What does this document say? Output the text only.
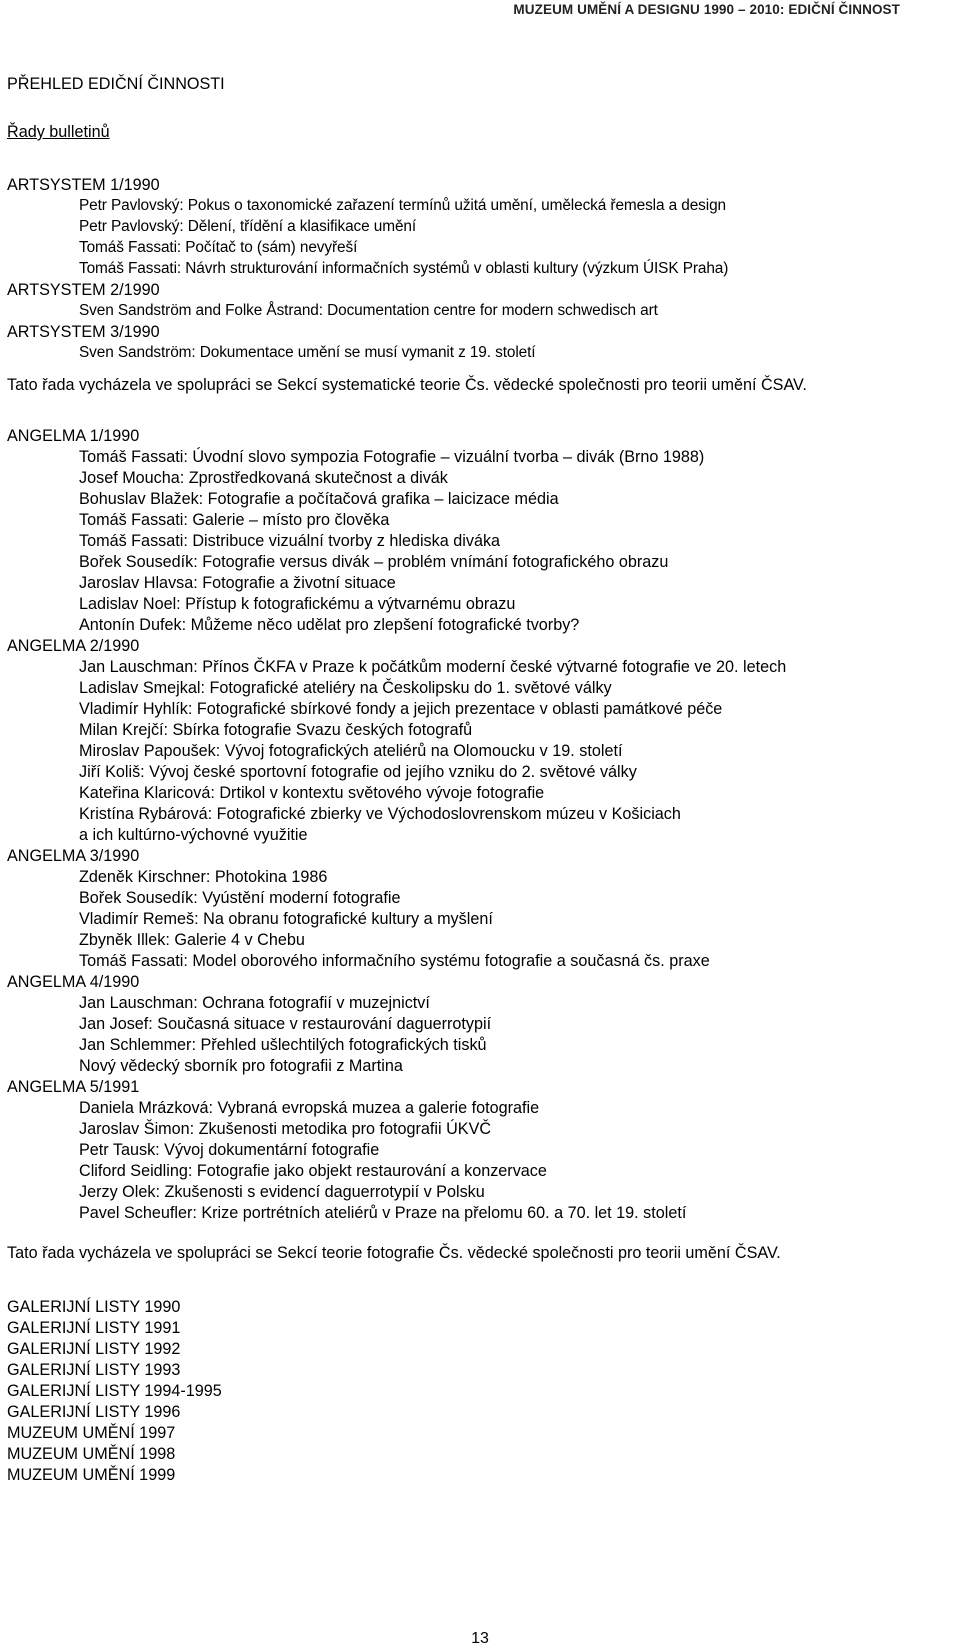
MUZEUM UMĚNÍ A DESIGNU 1990 – 2010: EDIČNÍ ČINNOST
PŘEHLED EDIČNÍ ČINNOSTI
Řady bulletinů
ARTSYSTEM 1/1990
Petr Pavlovský: Pokus o taxonomické zařazení termínů užitá umění, umělecká řemesla a design
Petr Pavlovský: Dělení, třídění a klasifikace umění
Tomáš Fassati: Počítač to (sám) nevyřeší
Tomáš Fassati: Návrh strukturování informačních systémů v oblasti kultury (výzkum ÚISK Praha)
ARTSYSTEM 2/1990
Sven Sandström and Folke Åstrand: Documentation centre for modern schwedisch art
ARTSYSTEM 3/1990
Sven Sandström: Dokumentace umění se musí vymanit z 19. století
Tato řada vycházela ve spolupráci se Sekcí systematické teorie Čs. vědecké společnosti pro teorii umění ČSAV.
ANGELMA 1/1990
Tomáš Fassati: Úvodní slovo sympozia Fotografie – vizuální tvorba – divák (Brno 1988)
Josef Moucha: Zprostředkovaná skutečnost a divák
Bohuslav Blažek: Fotografie a počítačová grafika – laicizace média
Tomáš Fassati: Galerie – místo pro člověka
Tomáš Fassati: Distribuce vizuální tvorby z hlediska diváka
Bořek Sousedík: Fotografie versus divák – problém vnímání fotografického obrazu
Jaroslav Hlavsa: Fotografie a životní situace
Ladislav Noel: Přístup k fotografickému a výtvarnému obrazu
Antonín Dufek: Můžeme něco udělat pro zlepšení fotografické tvorby?
ANGELMA 2/1990
Jan Lauschman: Přínos ČKFA v Praze k počátkům moderní české výtvarné fotografie ve 20. letech
Ladislav Smejkal: Fotografické ateliéry na Českolipsku do 1. světové války
Vladimír Hyhlík: Fotografické sbírkové fondy a jejich prezentace v oblasti památkové péče
Milan Krejčí: Sbírka fotografie Svazu českých fotografů
Miroslav Papoušek: Vývoj fotografických ateliérů na Olomoucku v 19. století
Jiří Koliš: Vývoj české sportovní fotografie od jejího vzniku do 2. světové války
Kateřina Klaricová: Drtikol v kontextu světového vývoje fotografie
Kristína Rybárová: Fotografické zbierky ve Východoslovrenskom múzeu v Košiciach
a ich kultúrno-výchovné využitie
ANGELMA 3/1990
Zdeněk Kirschner: Photokina 1986
Bořek Sousedík: Vyústění moderní fotografie
Vladimír Remeš: Na obranu fotografické kultury a myšlení
Zbyněk Illek: Galerie 4 v Chebu
Tomáš Fassati: Model oborového informačního systému fotografie a současná čs. praxe
ANGELMA 4/1990
Jan Lauschman: Ochrana fotografií v muzejnictví
Jan Josef: Současná situace v restaurování daguerrotypií
Jan Schlemmer: Přehled ušlechtilých fotografických tisků
Nový vědecký sborník pro fotografii z Martina
ANGELMA 5/1991
Daniela Mrázková: Vybraná evropská muzea a galerie fotografie
Jaroslav Šimon: Zkušenosti metodika pro fotografii ÚKVČ
Petr Tausk: Vývoj dokumentární fotografie
Cliford Seidling: Fotografie jako objekt restaurování a konzervace
Jerzy Olek: Zkušenosti s evidencí daguerrotypií v Polsku
Pavel Scheufler: Krize portrétních ateliérů v Praze na přelomu 60. a 70. let 19. století
Tato řada vycházela ve spolupráci se Sekcí teorie fotografie Čs. vědecké společnosti pro teorii umění ČSAV.
GALERIJNÍ LISTY 1990
GALERIJNÍ LISTY 1991
GALERIJNÍ LISTY 1992
GALERIJNÍ LISTY 1993
GALERIJNÍ LISTY 1994-1995
GALERIJNÍ LISTY 1996
MUZEUM UMĚNÍ 1997
MUZEUM UMĚNÍ 1998
MUZEUM UMĚNÍ 1999
13
